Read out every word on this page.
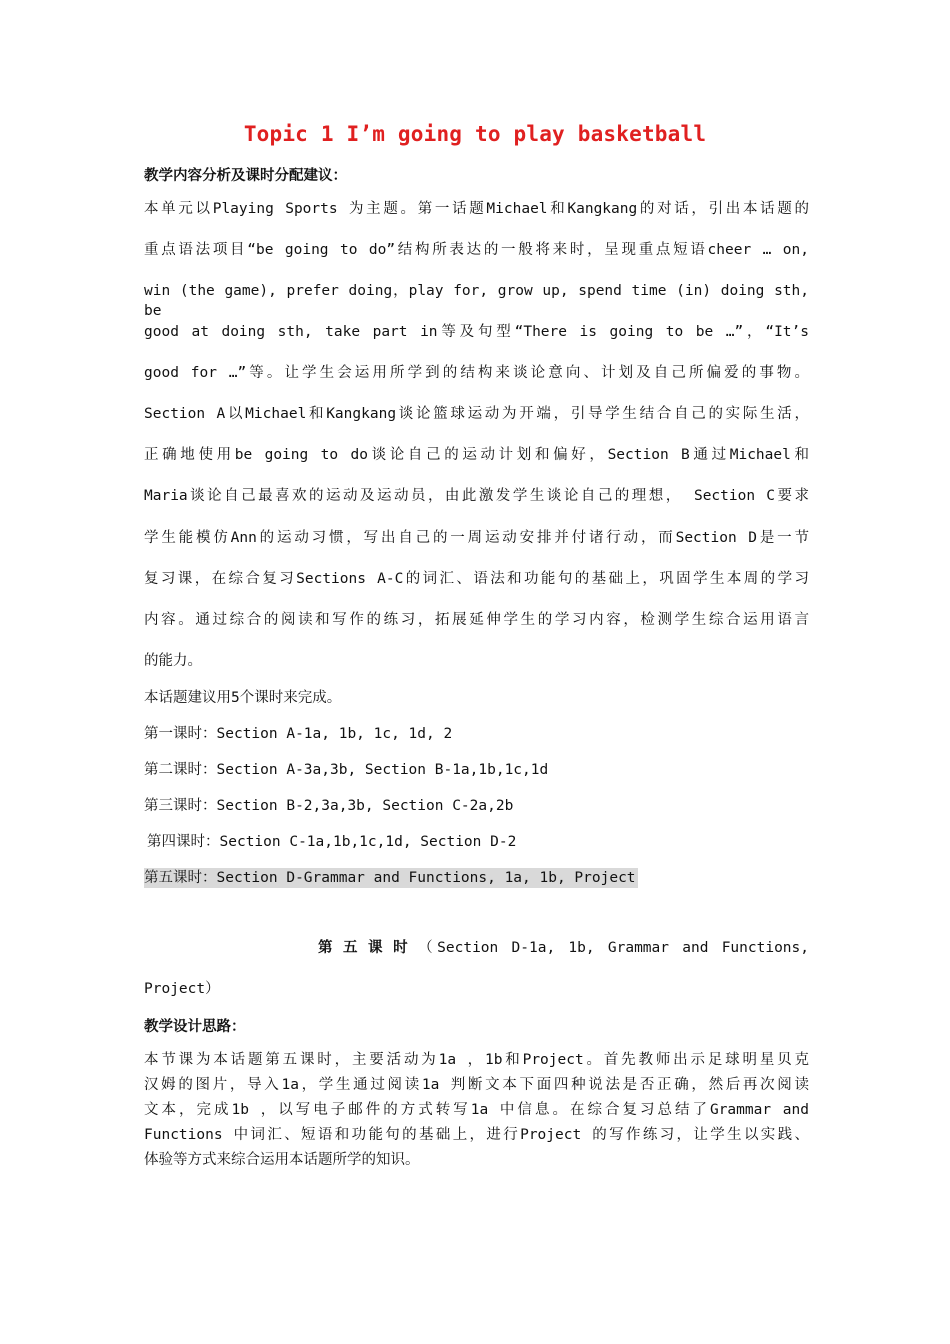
Topic 1 I’m going to play basketball
教学内容分析及课时分配建议：
本单元以Playing Sports 为主题。第一话题Michael和Kangkang的对话，引出本话题的
重点语法项目“be going to do”结构所表达的一般将来时，呈现重点短语cheer … on,
win (the game), prefer doing，play for, grow up, spend time (in) doing sth, be
good at doing sth, take part in等及句型“There is going to be …”，“It’s
good for …”等。让学生会运用所学到的结构来谈论意向、计划及自己所偏爱的事物。
Section A以Michael和Kangkang谈论篮球运动为开端，引导学生结合自己的实际生活，
正确地使用be going to do谈论自己的运动计划和偏好，Section B通过Michael和
Maria谈论自己最喜欢的运动及运动员，由此激发学生谈论自己的理想， Section C要求
学生能模仿Ann的运动习惯，写出自己的一周运动安排并付诸行动，而Section D是一节
复习课，在综合复习Sections A-C的词汇、语法和功能句的基础上，巩固学生本周的学习
内容。通过综合的阅读和写作的练习，拓展延伸学生的学习内容，检测学生综合运用语言
的能力。
本话题建议用5个课时来完成。
第一课时：Section A-1a, 1b, 1c, 1d, 2
第二课时：Section A-3a,3b, Section B-1a,1b,1c,1d
第三课时：Section B-2,3a,3b, Section C-2a,2b
第四课时：Section C-1a,1b,1c,1d, Section D-2
第五课时：Section D-Grammar and Functions, 1a, 1b, Project
第五课时（Section D-1a, 1b, Grammar and Functions,
Project）
教学设计思路：
本节课为本话题第五课时，主要活动为1a ，1b和Project。首先教师出示足球明星贝克
汉姆的图片，导入1a，学生通过阅读1a 判断文本下面四种说法是否正确，然后再次阅读
文本，完成1b ，以写电子邮件的方式转写1a 中信息。在综合复习总结了Grammar and
Functions 中词汇、短语和功能句的基础上，进行Project 的写作练习，让学生以实践、
体验等方式来综合运用本话题所学的知识。
